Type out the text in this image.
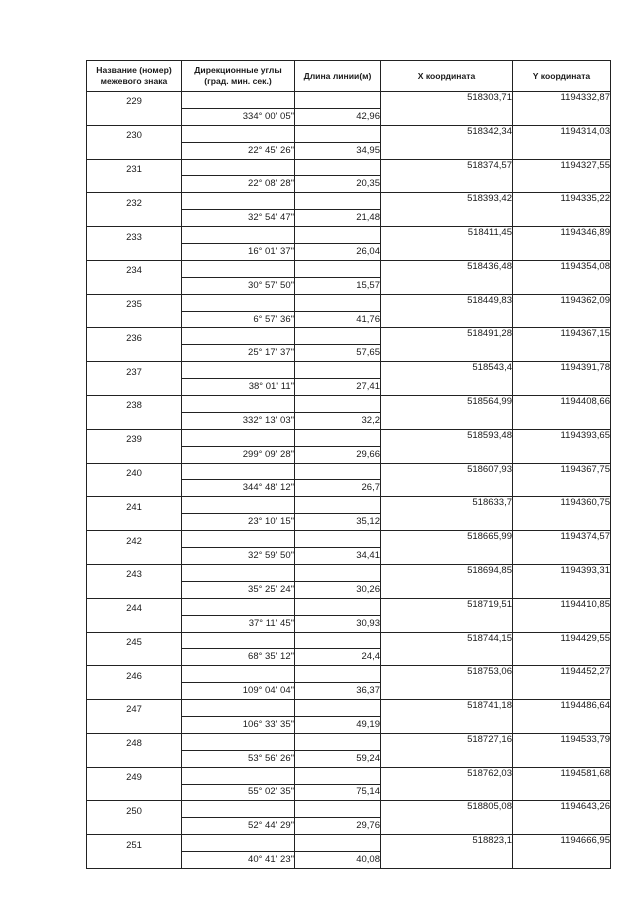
Название (номер) межевого знака	Дирекционные углы (град. мин. сек.)	Длина линии(м)	X координата	Y координата
229			518303,71	1194332,87
	334° 00' 05"	42,96		
230			518342,34	1194314,03
	22° 45' 26"	34,95		
231			518374,57	1194327,55
	22° 08' 28"	20,35		
232			518393,42	1194335,22
	32° 54' 47"	21,48		
233			518411,45	1194346,89
	16° 01' 37"	26,04		
234			518436,48	1194354,08
	30° 57' 50"	15,57		
235			518449,83	1194362,09
	6° 57' 36"	41,76		
236			518491,28	1194367,15
	25° 17' 37"	57,65		
237			518543,4	1194391,78
	38° 01' 11"	27,41		
238			518564,99	1194408,66
	332° 13' 03"	32,2		
239			518593,48	1194393,65
	299° 09' 28"	29,66		
240			518607,93	1194367,75
	344° 48' 12"	26,7		
241			518633,7	1194360,75
	23° 10' 15"	35,12		
242			518665,99	1194374,57
	32° 59' 50"	34,41		
243			518694,85	1194393,31
	35° 25' 24"	30,26		
244			518719,51	1194410,85
	37° 11' 45"	30,93		
245			518744,15	1194429,55
	68° 35' 12"	24,4		
246			518753,06	1194452,27
	109° 04' 04"	36,37		
247			518741,18	1194486,64
	106° 33' 35"	49,19		
248			518727,16	1194533,79
	53° 56' 26"	59,24		
249			518762,03	1194581,68
	55° 02' 35"	75,14		
250			518805,08	1194643,26
	52° 44' 29"	29,76		
251			518823,1	1194666,95
	40° 41' 23"	40,08		
